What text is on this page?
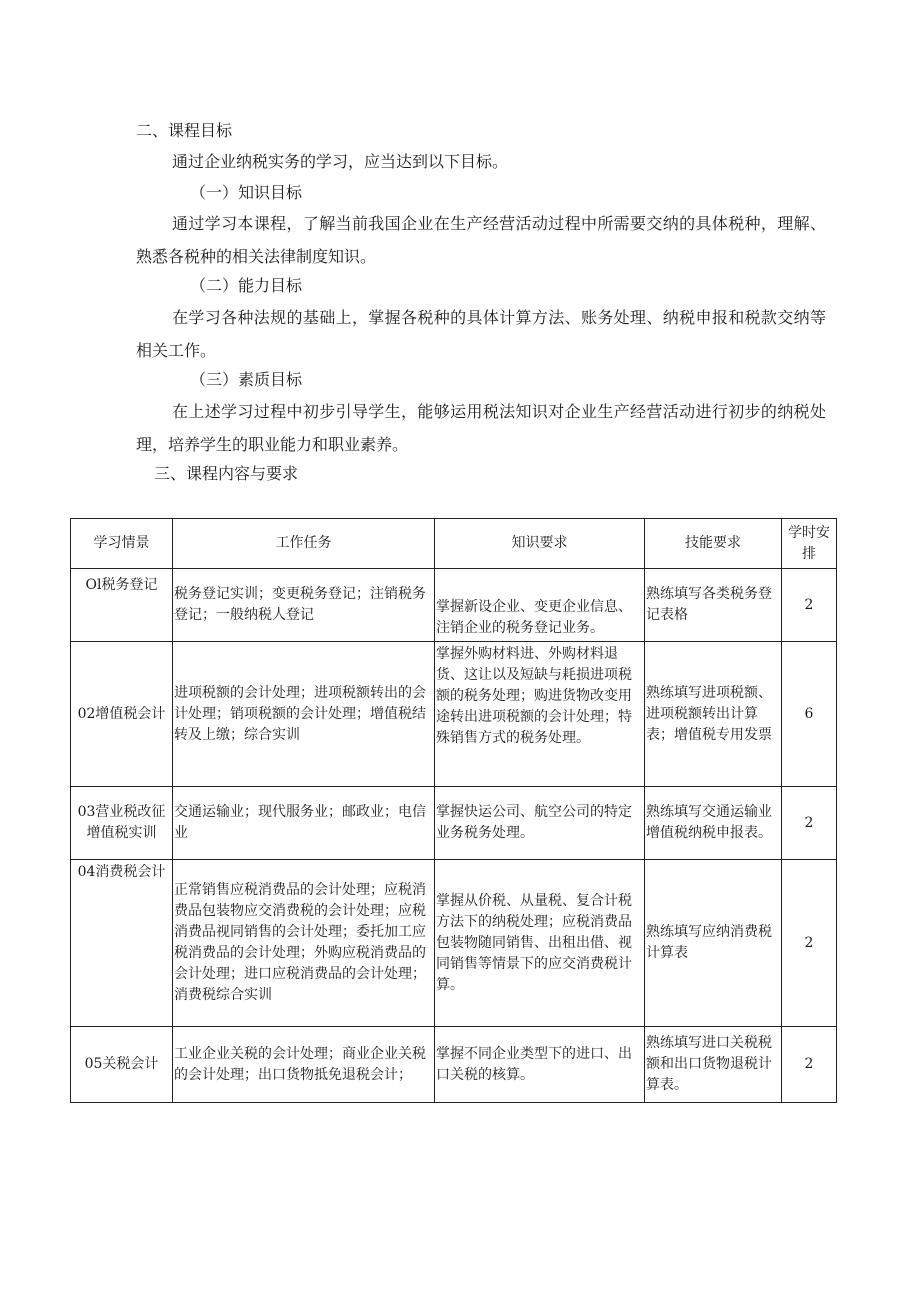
二、课程目标
通过企业纳税实务的学习，应当达到以下目标。
（一）知识目标

通过学习本课程，了解当前我国企业在生产经营活动过程中所需要交纳的具体税种，理解、熟悉各税种的相关法律制度知识。

（二）能力目标

在学习各种法规的基础上，掌握各税种的具体计算方法、账务处理、纳税申报和税款交纳等相关工作。

（三）素质目标

在上述学习过程中初步引导学生，能够运用税法知识对企业生产经营活动进行初步的纳税处理，培养学生的职业能力和职业素养。

三、课程内容与要求
学习情景	工作任务	知识要求	技能要求	学时安排
Ol税务登记	税务登记实训；变更税务登记；注销税务登记；一般纳税人登记	掌握新设企业、变更企业信息、注销企业的税务登记业务。	熟练填写各类税务登记表格	2
02增值税会计	进项税额的会计处理；进项税额转出的会计处理；销项税额的会计处理；增值税结转及上缴；综合实训	掌握外购材料进、外购材料退货、这让以及短缺与耗损进项税额的税务处理；购进货物改变用途转出进项税额的会计处理；特殊销售方式的税务处理。	熟练填写进项税额、进项税额转出计算表；增值税专用发票	6
03营业税改征增值税实训	交通运输业；现代服务业；邮政业；电信业	掌握快运公司、航空公司的特定业务税务处理。	熟练填写交通运输业增值税纳税申报表。	2
04消费税会计	正常销售应税消费品的会计处理；应税消费品包装物应交消费税的会计处理；应税消费品视同销售的会计处理；委托加工应税消费品的会计处理；外购应税消费品的会计处理；进口应税消费品的会计处理；消费税综合实训	掌握从价税、从量税、复合计税方法下的纳税处理；应税消费品包装物随同销售、出租出借、视同销售等情景下的应交消费税计算。	熟练填写应纳消费税计算表	2
05关税会计	工业企业关税的会计处理；商业企业关税的会计处理；出口货物抵免退税会计；	掌握不同企业类型下的进口、出口关税的核算。	熟练填写进口关税税额和出口货物退税计算表。	2
